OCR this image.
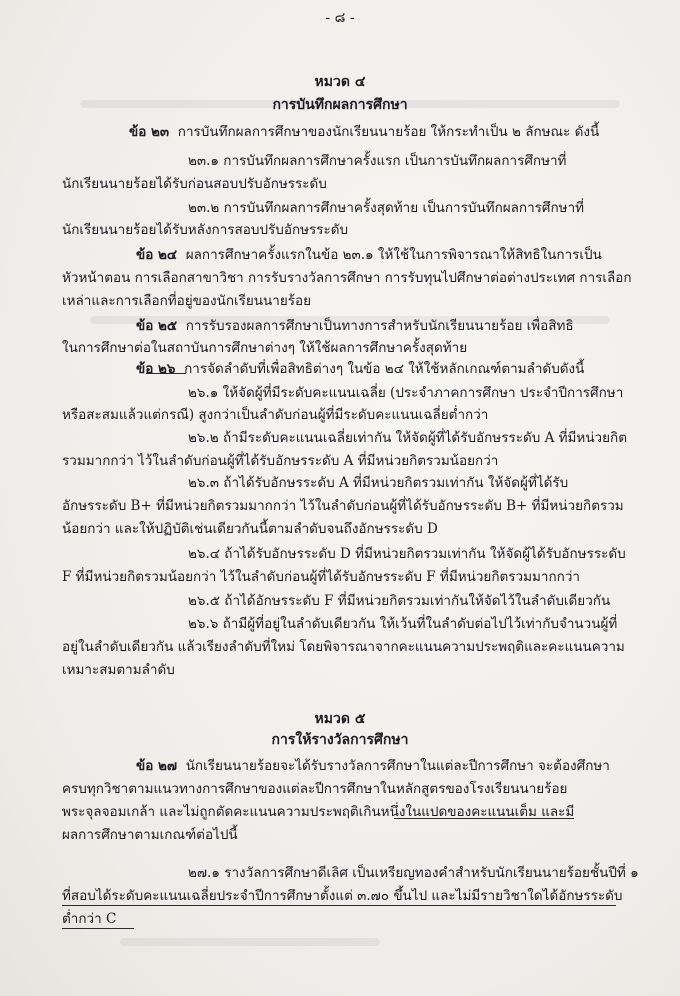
- ๘ -
หมวด ๔
การบันทึกผลการศึกษา
ข้อ ๒๓ การบันทึกผลการศึกษาของนักเรียนนายร้อย ให้กระทำเป็น ๒ ลักษณะ ดังนี้
๒๓.๑ การบันทึกผลการศึกษาครั้งแรก เป็นการบันทึกผลการศึกษาที่
นักเรียนนายร้อยได้รับก่อนสอบปรับอักษรระดับ
๒๓.๒ การบันทึกผลการศึกษาครั้งสุดท้าย เป็นการบันทึกผลการศึกษาที่
นักเรียนนายร้อยได้รับหลังการสอบปรับอักษรระดับ
ข้อ ๒๔ ผลการศึกษาครั้งแรกในข้อ ๒๓.๑ ให้ใช้ในการพิจารณาให้สิทธิในการเป็น
หัวหน้าตอน การเลือกสาขาวิชา การรับรางวัลการศึกษา การรับทุนไปศึกษาต่อต่างประเทศ การเลือก
เหล่าและการเลือกที่อยู่ของนักเรียนนายร้อย
ข้อ ๒๕ การรับรองผลการศึกษาเป็นทางการสำหรับนักเรียนนายร้อย เพื่อสิทธิ
ในการศึกษาต่อในสถาบันการศึกษาต่างๆ ให้ใช้ผลการศึกษาครั้งสุดท้าย
ข้อ ๒๖ การจัดลำดับที่เพื่อสิทธิต่างๆ ในข้อ ๒๔ ให้ใช้หลักเกณฑ์ตามลำดับดังนี้
๒๖.๑ ให้จัดผู้ที่มีระดับคะแนนเฉลี่ย (ประจำภาคการศึกษา ประจำปีการศึกษา
หรือสะสมแล้วแต่กรณี) สูงกว่าเป็นลำดับก่อนผู้ที่มีระดับคะแนนเฉลี่ยต่ำกว่า
๒๖.๒ ถ้ามีระดับคะแนนเฉลี่ยเท่ากัน ให้จัดผู้ที่ได้รับอักษรระดับ A ที่มีหน่วยกิต
รวมมากกว่า ไว้ในลำดับก่อนผู้ที่ได้รับอักษรระดับ A ที่มีหน่วยกิตรวมน้อยกว่า
๒๖.๓ ถ้าได้รับอักษรระดับ A ที่มีหน่วยกิตรวมเท่ากัน ให้จัดผู้ที่ได้รับ
อักษรระดับ B+ ที่มีหน่วยกิตรวมมากกว่า ไว้ในลำดับก่อนผู้ที่ได้รับอักษรระดับ B+ ที่มีหน่วยกิตรวม
น้อยกว่า และให้ปฏิบัติเช่นเดียวกันนี้ตามลำดับจนถึงอักษรระดับ D
๒๖.๔ ถ้าได้รับอักษรระดับ D ที่มีหน่วยกิตรวมเท่ากัน ให้จัดผู้ได้รับอักษรระดับ
F ที่มีหน่วยกิตรวมน้อยกว่า ไว้ในลำดับก่อนผู้ที่ได้รับอักษรระดับ F ที่มีหน่วยกิตรวมมากกว่า
๒๖.๕ ถ้าได้อักษรระดับ F ที่มีหน่วยกิตรวมเท่ากันให้จัดไว้ในลำดับเดียวกัน
๒๖.๖ ถ้ามีผู้ที่อยู่ในลำดับเดียวกัน ให้เว้นที่ในลำดับต่อไปไว้เท่ากับจำนวนผู้ที่
อยู่ในลำดับเดียวกัน แล้วเรียงลำดับที่ใหม่ โดยพิจารณาจากคะแนนความประพฤติและคะแนนความ
เหมาะสมตามลำดับ
หมวด ๕
การให้รางวัลการศึกษา
ข้อ ๒๗ นักเรียนนายร้อยจะได้รับรางวัลการศึกษาในแต่ละปีการศึกษา จะต้องศึกษา
ครบทุกวิชาตามแนวทางการศึกษาของแต่ละปีการศึกษาในหลักสูตรของโรงเรียนนายร้อย
พระจุลจอมเกล้า และไม่ถูกตัดคะแนนความประพฤติเกินหนึ่งในแปดของคะแนนเต็ม และมี
ผลการศึกษาตามเกณฑ์ต่อไปนี้
๒๗.๑ รางวัลการศึกษาดีเลิศ เป็นเหรียญทองคำสำหรับนักเรียนนายร้อยชั้นปีที่ ๑
ที่สอบได้ระดับคะแนนเฉลี่ยประจำปีการศึกษาตั้งแต่ ๓.๗๐ ขึ้นไป และไม่มีรายวิชาใดได้อักษรระดับ
ต่ำกว่า C
